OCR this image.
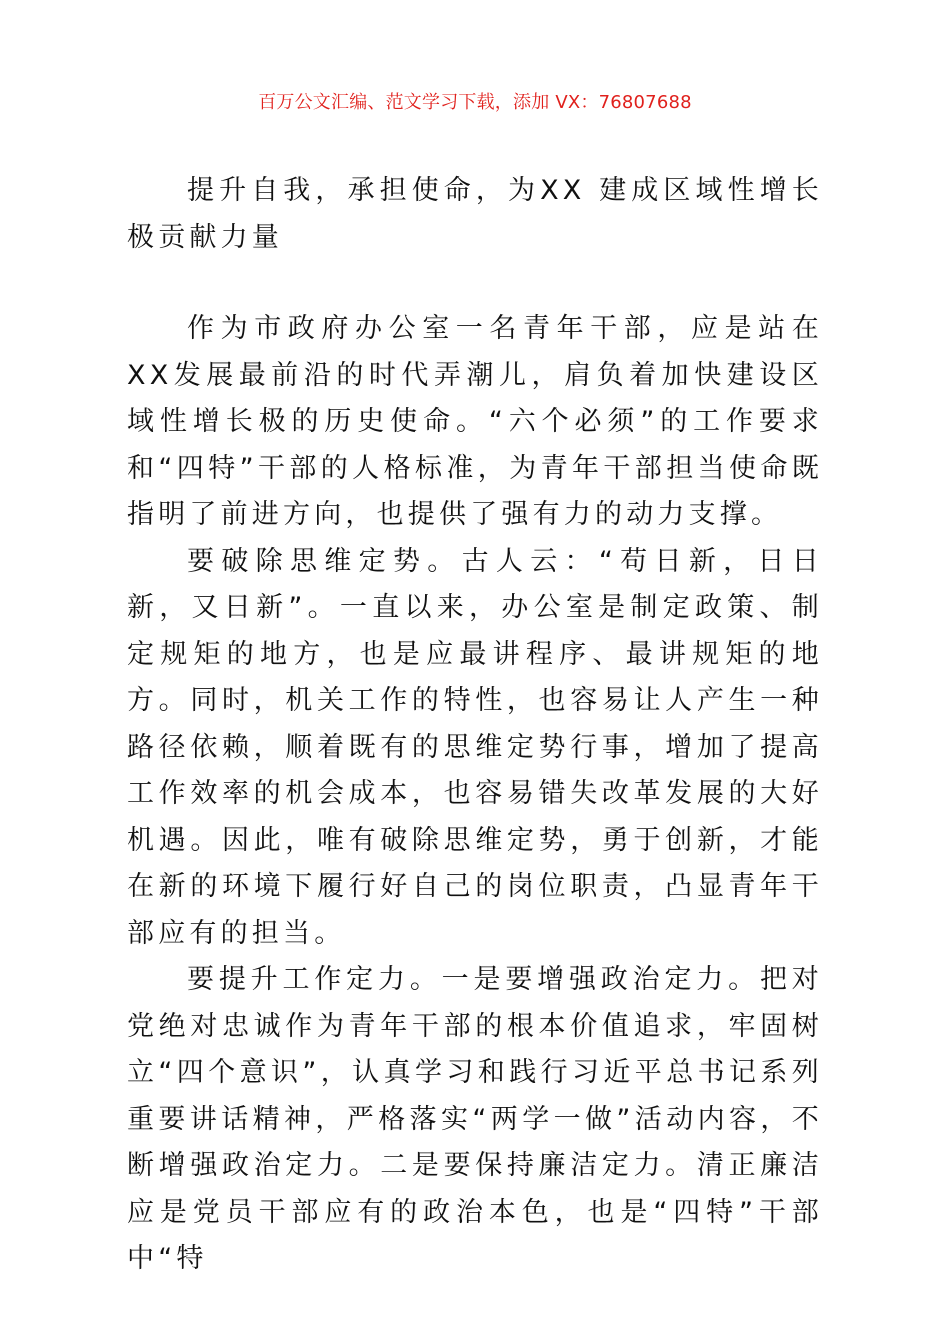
百万公文汇编、范文学习下载，添加 VX：76807688
提升自我，承担使命，为XX 建成区域性增长极贡献力量

作为市政府办公室一名青年干部，应是站在XX发展最前沿的时代弄潮儿，肩负着加快建设区域性增长极的历史使命。“六个必须”的工作要求和“四特”干部的人格标准，为青年干部担当使命既指明了前进方向，也提供了强有力的动力支撑。

要破除思维定势。古人云：“苟日新，日日新，又日新”。一直以来，办公室是制定政策、制定规矩的地方，也是应最讲程序、最讲规矩的地方。同时，机关工作的特性，也容易让人产生一种路径依赖，顺着既有的思维定势行事，增加了提高工作效率的机会成本，也容易错失改革发展的大好机遇。因此，唯有破除思维定势，勇于创新，才能在新的环境下履行好自己的岗位职责，凸显青年干部应有的担当。

要提升工作定力。一是要增强政治定力。把对党绝对忠诚作为青年干部的根本价值追求，牢固树立“四个意识”，认真学习和践行习近平总书记系列重要讲话精神，严格落实“两学一做”活动内容，不断增强政治定力。二是要保持廉洁定力。清正廉洁应是党员干部应有的政治本色，也是“四特”干部中“特
